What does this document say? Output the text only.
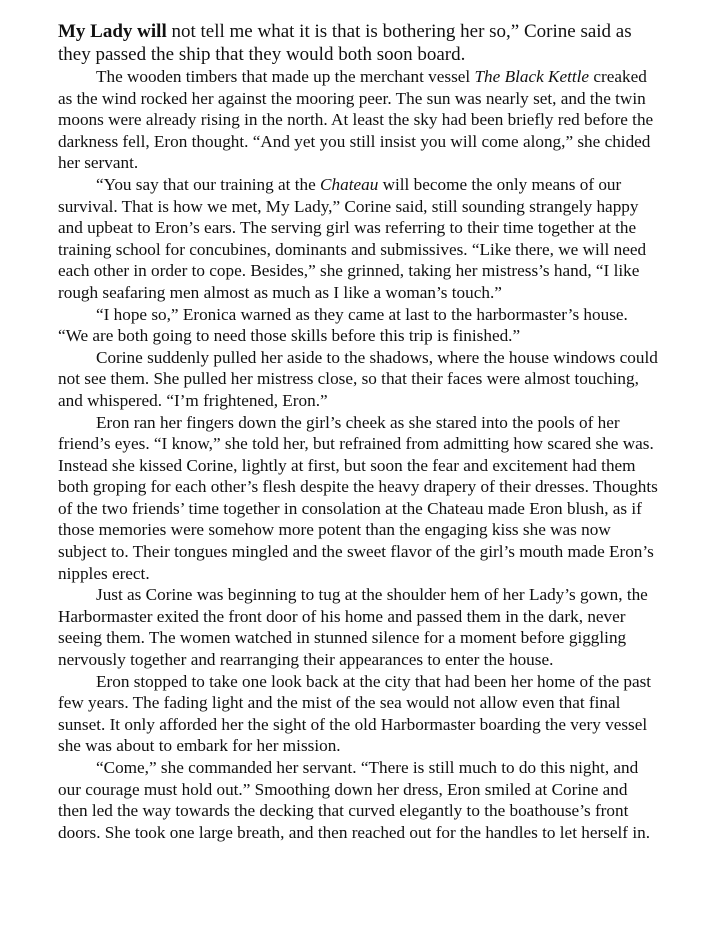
My Lady will not tell me what it is that is bothering her so,” Corine said as they passed the ship that they would both soon board.

The wooden timbers that made up the merchant vessel The Black Kettle creaked as the wind rocked her against the mooring peer. The sun was nearly set, and the twin moons were already rising in the north. At least the sky had been briefly red before the darkness fell, Eron thought. “And yet you still insist you will come along,” she chided her servant.

“You say that our training at the Chateau will become the only means of our survival. That is how we met, My Lady,” Corine said, still sounding strangely happy and upbeat to Eron’s ears. The serving girl was referring to their time together at the training school for concubines, dominants and submissives. “Like there, we will need each other in order to cope. Besides,” she grinned, taking her mistress’s hand, “I like rough seafaring men almost as much as I like a woman’s touch.”

“I hope so,” Eronica warned as they came at last to the harbormaster’s house. “We are both going to need those skills before this trip is finished.”

Corine suddenly pulled her aside to the shadows, where the house windows could not see them. She pulled her mistress close, so that their faces were almost touching, and whispered. “I’m frightened, Eron.”

Eron ran her fingers down the girl’s cheek as she stared into the pools of her friend’s eyes. “I know,” she told her, but refrained from admitting how scared she was. Instead she kissed Corine, lightly at first, but soon the fear and excitement had them both groping for each other’s flesh despite the heavy drapery of their dresses. Thoughts of the two friends’ time together in consolation at the Chateau made Eron blush, as if those memories were somehow more potent than the engaging kiss she was now subject to. Their tongues mingled and the sweet flavor of the girl’s mouth made Eron’s nipples erect.

Just as Corine was beginning to tug at the shoulder hem of her Lady’s gown, the Harbormaster exited the front door of his home and passed them in the dark, never seeing them. The women watched in stunned silence for a moment before giggling nervously together and rearranging their appearances to enter the house.

Eron stopped to take one look back at the city that had been her home of the past few years. The fading light and the mist of the sea would not allow even that final sunset. It only afforded her the sight of the old Harbormaster boarding the very vessel she was about to embark for her mission.

“Come,” she commanded her servant. “There is still much to do this night, and our courage must hold out.” Smoothing down her dress, Eron smiled at Corine and then led the way towards the decking that curved elegantly to the boathouse’s front doors. She took one large breath, and then reached out for the handles to let herself in.
